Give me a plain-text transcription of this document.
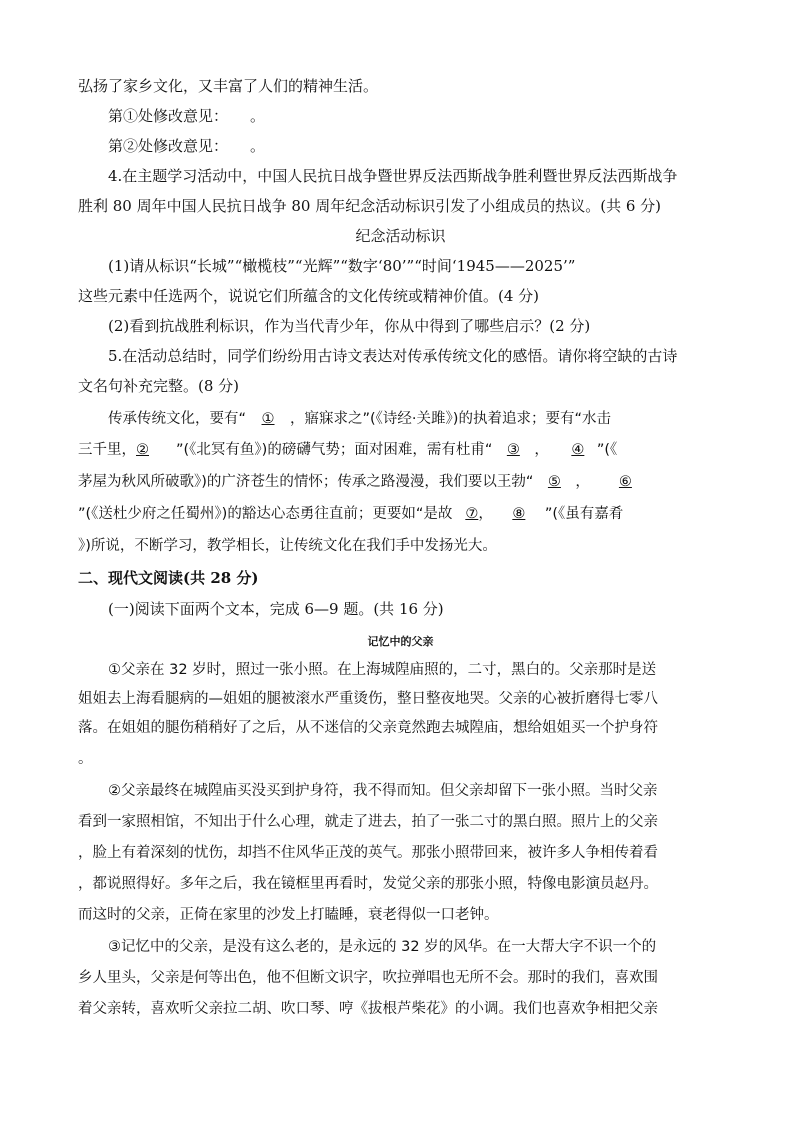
弘扬了家乡文化，又丰富了人们的精神生活。
第①处修改意见： 。
第②处修改意见： 。
4.在主题学习活动中，中国人民抗日战争暨世界反法西斯战争胜利暨世界反法西斯战争
胜利 80 周年中国人民抗日战争 80 周年纪念活动标识引发了小组成员的热议。(共 6 分)
纪念活动标识
(1)请从标识“长城”“橄榄枝”“光辉”“数字‘80’”“时间‘1945——2025’”
这些元素中任选两个，说说它们所蕴含的文化传统或精神价值。(4 分)
(2)看到抗战胜利标识，作为当代青少年，你从中得到了哪些启示？(2 分)
5.在活动总结时，同学们纷纷用古诗文表达对传承传统文化的感悟。请你将空缺的古诗
文名句补充完整。(8 分)
传承传统文化，要有“ ① ，寤寐求之”(《诗经·关雎》)的执着追求；要有“水击
三千里，② ”(《北冥有鱼》)的磅礴气势；面对困难，需有杜甫“ ③ ， ④ ”(《
茅屋为秋风所破歌》)的广济苍生的情怀；传承之路漫漫，我们要以王勃“ ⑤ ， ⑥
”(《送杜少府之任蜀州》)的豁达心态勇往直前；更要如“是故 ⑦， ⑧ ”(《虽有嘉肴
》)所说，不断学习，教学相长，让传统文化在我们手中发扬光大。
二、现代文阅读(共 28 分)
(一)阅读下面两个文本，完成 6—9 题。(共 16 分)
记忆中的父亲
①父亲在 32 岁时，照过一张小照。在上海城隍庙照的，二寸，黑白的。父亲那时是送
姐姐去上海看腿病的—姐姐的腿被滚水严重烫伤，整日整夜地哭。父亲的心被折磨得七零八
落。在姐姐的腿伤稍稍好了之后，从不迷信的父亲竟然跑去城隍庙，想给姐姐买一个护身符
。
②父亲最终在城隍庙买没买到护身符，我不得而知。但父亲却留下一张小照。当时父亲
看到一家照相馆，不知出于什么心理，就走了进去，拍了一张二寸的黑白照。照片上的父亲
，脸上有着深刻的忧伤，却挡不住风华正茂的英气。那张小照带回来，被许多人争相传着看
，都说照得好。多年之后，我在镜框里再看时，发觉父亲的那张小照，特像电影演员赵丹。
而这时的父亲，正倚在家里的沙发上打瞌睡，衰老得似一口老钟。
③记忆中的父亲，是没有这么老的，是永远的 32 岁的风华。在一大帮大字不识一个的
乡人里头，父亲是何等出色，他不但断文识字，吹拉弹唱也无所不会。那时的我们，喜欢围
着父亲转，喜欢听父亲拉二胡、吹口琴、哼《拔根芦柴花》的小调。我们也喜欢争相把父亲
